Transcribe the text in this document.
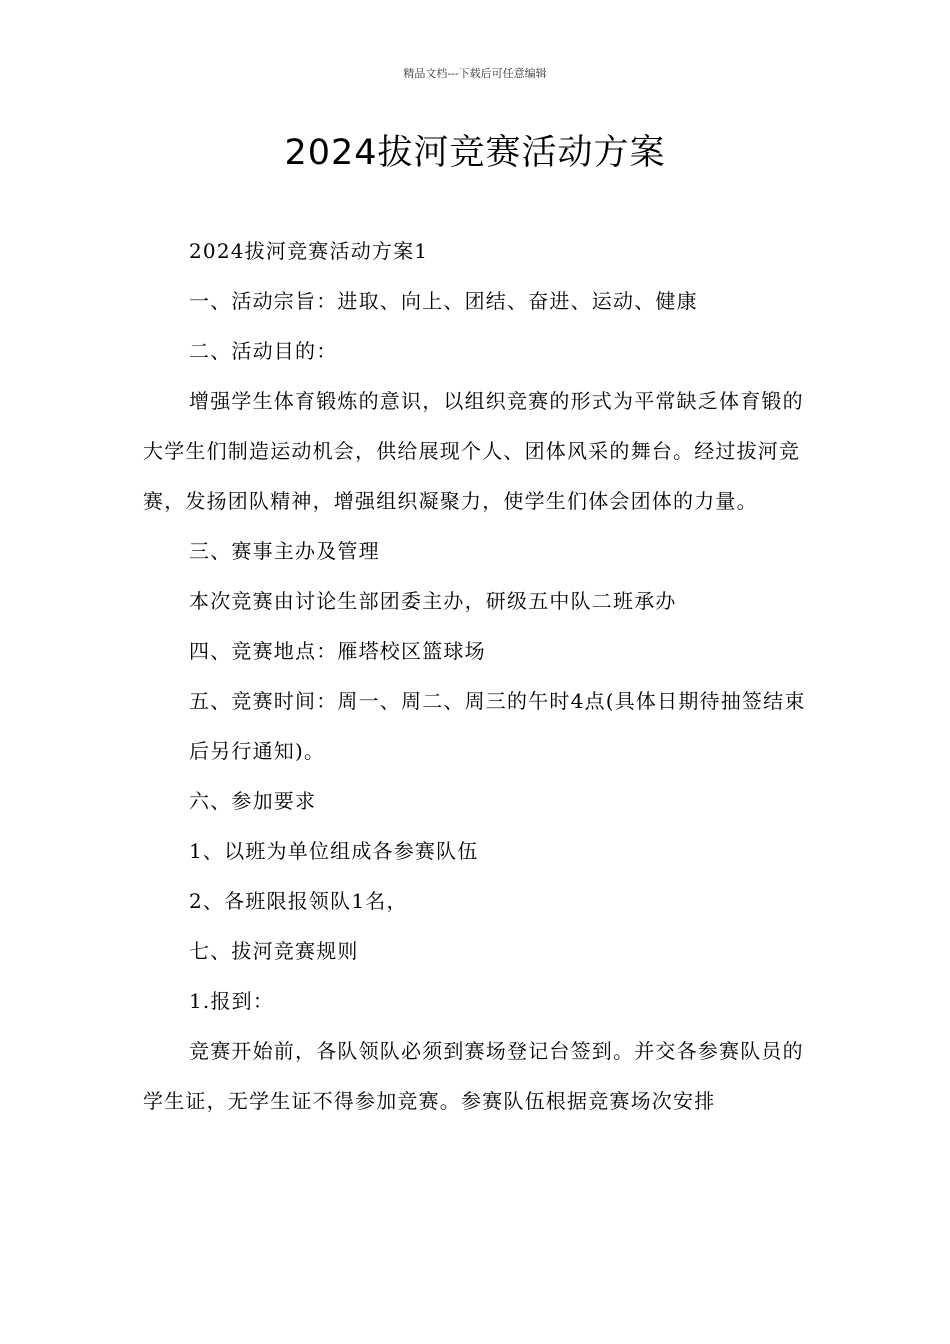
精品文档---下载后可任意编辑
2024拔河竞赛活动方案

2024拔河竞赛活动方案1

一、活动宗旨：进取、向上、团结、奋进、运动、健康

二、活动目的：

增强学生体育锻炼的意识，以组织竞赛的形式为平常缺乏体育锻的大学生们制造运动机会，供给展现个人、团体风采的舞台。经过拔河竞赛，发扬团队精神，增强组织凝聚力，使学生们体会团体的力量。

三、赛事主办及管理

本次竞赛由讨论生部团委主办，研级五中队二班承办

四、竞赛地点：雁塔校区篮球场

五、竞赛时间：周一、周二、周三的午时4点(具体日期待抽签结束

后另行通知)。

六、参加要求

1、以班为单位组成各参赛队伍

2、各班限报领队1名，

七、拔河竞赛规则

1.报到：

竞赛开始前，各队领队必须到赛场登记台签到。并交各参赛队员的学生证，无学生证不得参加竞赛。参赛队伍根据竞赛场次安排
